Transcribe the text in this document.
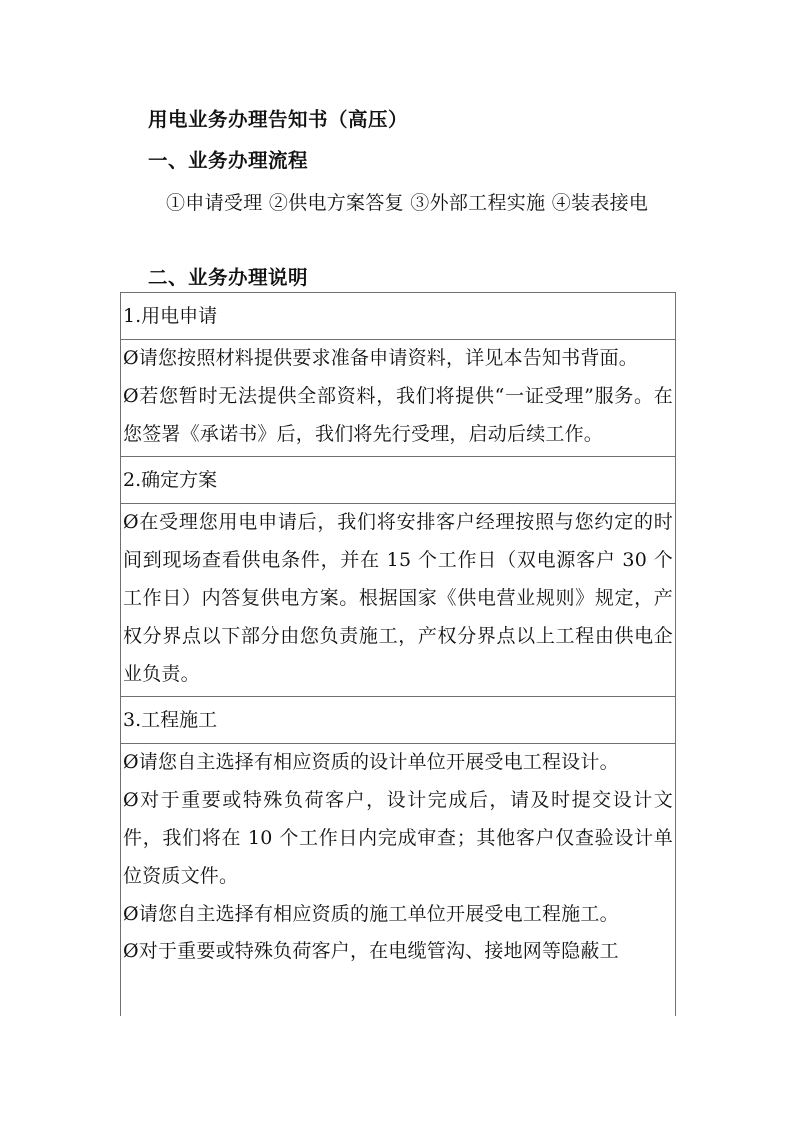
用电业务办理告知书（高压）
一、业务办理流程
①申请受理 ②供电方案答复 ③外部工程实施 ④装表接电
二、业务办理说明
1.用电申请

Ø请您按照材料提供要求准备申请资料，详见本告知书背面。

Ø若您暂时无法提供全部资料，我们将提供“一证受理”服务。在您签署《承诺书》后，我们将先行受理，启动后续工作。

2.确定方案

Ø在受理您用电申请后，我们将安排客户经理按照与您约定的时间到现场查看供电条件，并在 15 个工作日（双电源客户 30 个工作日）内答复供电方案。根据国家《供电营业规则》规定，产权分界点以下部分由您负责施工，产权分界点以上工程由供电企业负责。

3.工程施工

Ø请您自主选择有相应资质的设计单位开展受电工程设计。

Ø对于重要或特殊负荷客户，设计完成后，请及时提交设计文件，我们将在 10 个工作日内完成审查；其他客户仅查验设计单位资质文件。

Ø请您自主选择有相应资质的施工单位开展受电工程施工。

Ø对于重要或特殊负荷客户，在电缆管沟、接地网等隐蔽工
